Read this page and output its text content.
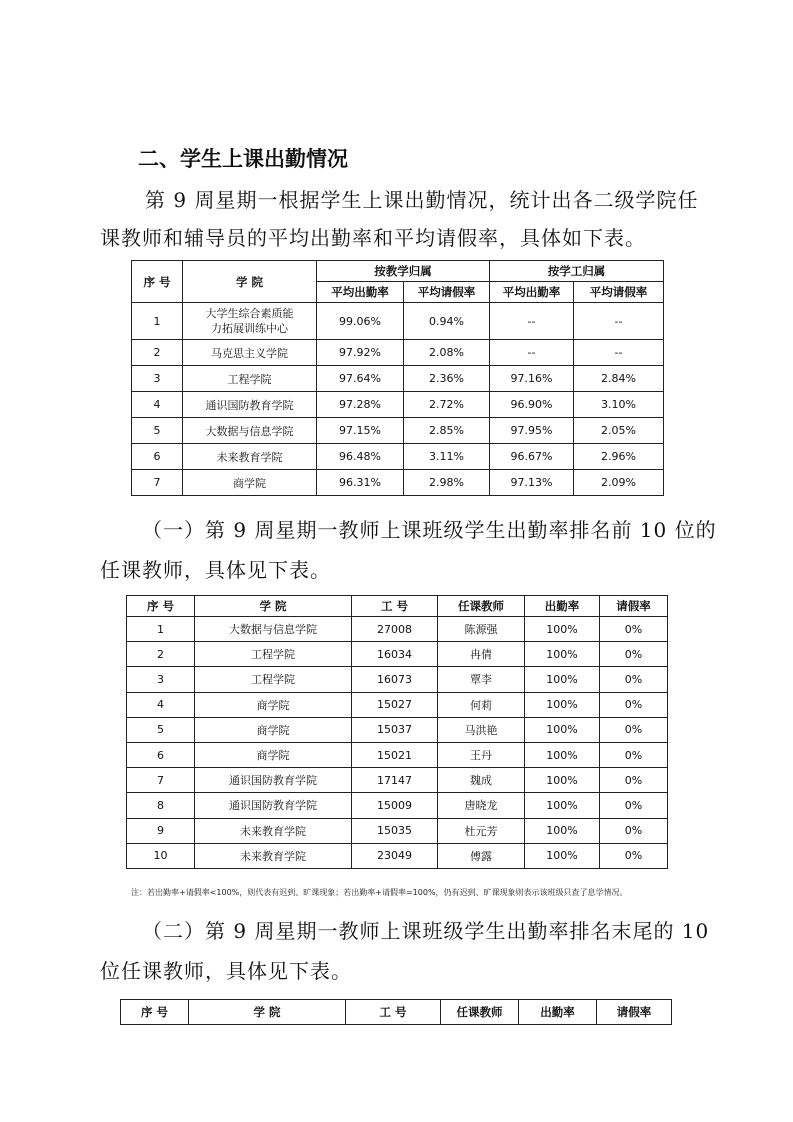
二、学生上课出勤情况
第 9 周星期一根据学生上课出勤情况，统计出各二级学院任
课教师和辅导员的平均出勤率和平均请假率，具体如下表。
序 号	学 院	按教学归属		按学工归属	
		平均出勤率	平均请假率	平均出勤率	平均请假率
1	大学生综合素质能力拓展训练中心	99.06%	0.94%	--	--
2	马克思主义学院	97.92%	2.08%	--	--
3	工程学院	97.64%	2.36%	97.16%	2.84%
4	通识国防教育学院	97.28%	2.72%	96.90%	3.10%
5	大数据与信息学院	97.15%	2.85%	97.95%	2.05%
6	未来教育学院	96.48%	3.11%	96.67%	2.96%
7	商学院	96.31%	2.98%	97.13%	2.09%
（一）第 9 周星期一教师上课班级学生出勤率排名前 10 位的
任课教师，具体见下表。
序 号	学 院	工 号	任课教师	出勤率	请假率
1	大数据与信息学院	27008	陈源强	100%	0%
2	工程学院	16034	冉倩	100%	0%
3	工程学院	16073	覃李	100%	0%
4	商学院	15027	何莉	100%	0%
5	商学院	15037	马洪艳	100%	0%
6	商学院	15021	王丹	100%	0%
7	通识国防教育学院	17147	魏成	100%	0%
8	通识国防教育学院	15009	唐晓龙	100%	0%
9	未来教育学院	15035	杜元芳	100%	0%
10	未来教育学院	23049	傅露	100%	0%
注：若出勤率+请假率<100%，则代表有迟到、旷课现象；若出勤率+请假率=100%，仍有迟到、旷课现象则表示该班级只查了息学情况。
（二）第 9 周星期一教师上课班级学生出勤率排名末尾的 10
位任课教师，具体见下表。
序 号	学 院	工 号	任课教师	出勤率	请假率
